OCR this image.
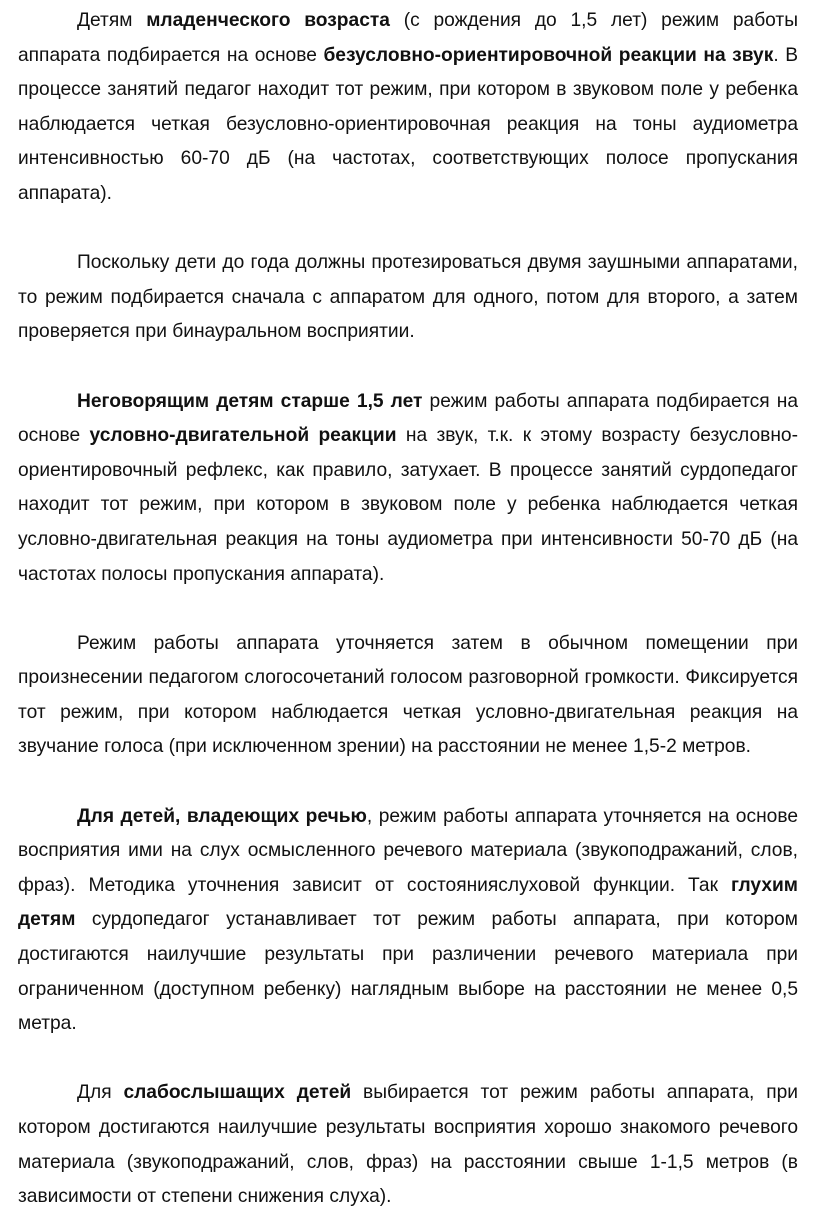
Детям младенческого возраста (с рождения до 1,5 лет) режим работы аппарата подбирается на основе безусловно-ориентировочной реакции на звук. В процессе занятий педагог находит тот режим, при котором в звуковом поле у ребенка наблюдается четкая безусловно-ориентировочная реакция на тоны аудиометра интенсивностью 60-70 дБ (на частотах, соответствующих полосе пропускания аппарата).

Поскольку дети до года должны протезироваться двумя заушными аппаратами, то режим подбирается сначала с аппаратом для одного, потом для второго, а затем проверяется при бинауральном восприятии.

Неговорящим детям старше 1,5 лет режим работы аппарата подбирается на основе условно-двигательной реакции на звук, т.к. к этому возрасту безусловно-ориентировочный рефлекс, как правило, затухает. В процессе занятий сурдопедагог находит тот режим, при котором в звуковом поле у ребенка наблюдается четкая условно-двигательная реакция на тоны аудиометра при интенсивности 50-70 дБ (на частотах полосы пропускания аппарата).

Режим работы аппарата уточняется затем в обычном помещении при произнесении педагогом слогосочетаний голосом разговорной громкости. Фиксируется тот режим, при котором наблюдается четкая условно-двигательная реакция на звучание голоса (при исключенном зрении) на расстоянии не менее 1,5-2 метров.

Для детей, владеющих речью, режим работы аппарата уточняется на основе восприятия ими на слух осмысленного речевого материала (звукоподражаний, слов, фраз). Методика уточнения зависит от состоянияслуховой функции. Так глухим детям сурдопедагог устанавливает тот режим работы аппарата, при котором достигаются наилучшие результаты при различении речевого материала при ограниченном (доступном ребенку) наглядным выборе на расстоянии не менее 0,5 метра.

Для слабослышащих детей выбирается тот режим работы аппарата, при котором достигаются наилучшие результаты восприятия хорошо знакомого речевого материала (звукоподражаний, слов, фраз) на расстоянии свыше 1-1,5 метров (в зависимости от степени снижения слуха).
